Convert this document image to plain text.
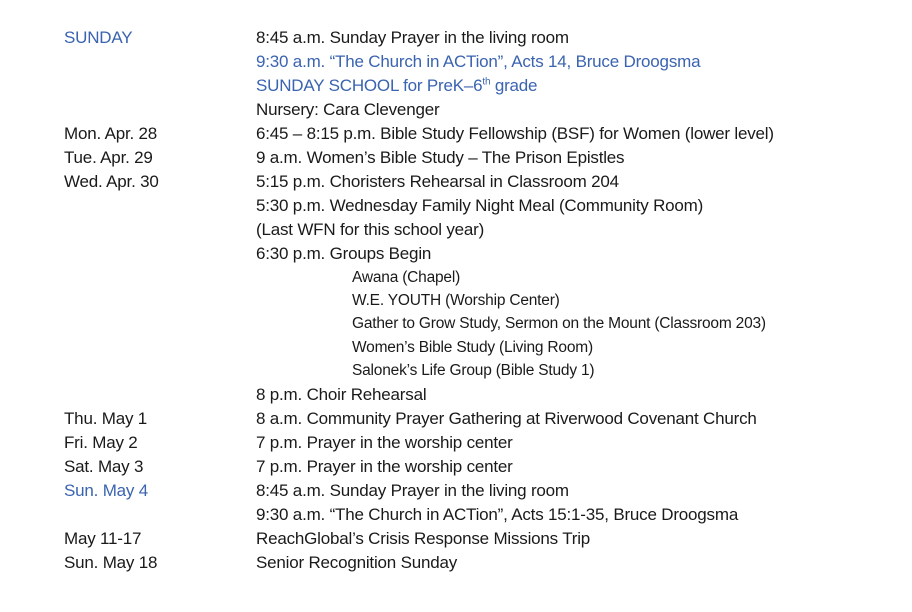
SUNDAY	8:45 a.m. Sunday Prayer in the living room
9:30 a.m. “The Church in ACTion”, Acts 14, Bruce Droogsma
SUNDAY SCHOOL for PreK–6th grade
Nursery: Cara Clevenger
Mon. Apr. 28	6:45 – 8:15 p.m. Bible Study Fellowship (BSF) for Women (lower level)
Tue. Apr. 29	9 a.m. Women’s Bible Study – The Prison Epistles
Wed. Apr. 30	5:15 p.m. Choristers Rehearsal in Classroom 204
5:30 p.m. Wednesday Family Night Meal (Community Room)
(Last WFN for this school year)
6:30 p.m. Groups Begin
Awana (Chapel)
W.E. YOUTH (Worship Center)
Gather to Grow Study, Sermon on the Mount (Classroom 203)
Women’s Bible Study (Living Room)
Salonek’s Life Group (Bible Study 1)
8 p.m. Choir Rehearsal
Thu. May 1	8 a.m. Community Prayer Gathering at Riverwood Covenant Church
Fri. May 2	7 p.m. Prayer in the worship center
Sat. May 3	7 p.m. Prayer in the worship center
Sun. May 4	8:45 a.m. Sunday Prayer in the living room
9:30 a.m. “The Church in ACTion”, Acts 15:1-35, Bruce Droogsma
May 11-17	ReachGlobal’s Crisis Response Missions Trip
Sun. May 18	Senior Recognition Sunday
